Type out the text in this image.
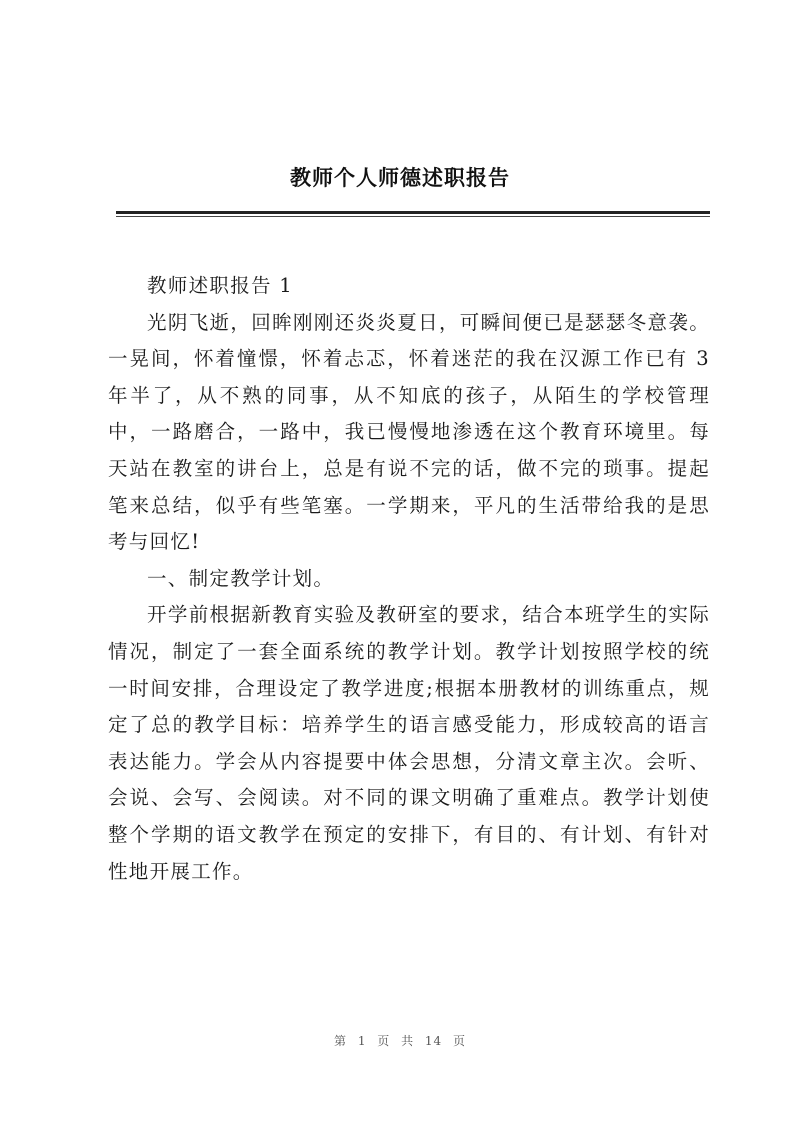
教师个人师德述职报告

教师述职报告 1

光阴飞逝，回眸刚刚还炎炎夏日，可瞬间便已是瑟瑟冬意袭。一晃间，怀着憧憬，怀着忐忑，怀着迷茫的我在汉源工作已有 3 年半了，从不熟的同事，从不知底的孩子，从陌生的学校管理中，一路磨合，一路中，我已慢慢地渗透在这个教育环境里。每天站在教室的讲台上，总是有说不完的话，做不完的琐事。提起笔来总结，似乎有些笔塞。一学期来，平凡的生活带给我的是思考与回忆!

一、制定教学计划。

开学前根据新教育实验及教研室的要求，结合本班学生的实际情况，制定了一套全面系统的教学计划。教学计划按照学校的统一时间安排，合理设定了教学进度;根据本册教材的训练重点，规定了总的教学目标：培养学生的语言感受能力，形成较高的语言表达能力。学会从内容提要中体会思想，分清文章主次。会听、会说、会写、会阅读。对不同的课文明确了重难点。教学计划使整个学期的语文教学在预定的安排下，有目的、有计划、有针对性地开展工作。

第 1 页 共 14 页
